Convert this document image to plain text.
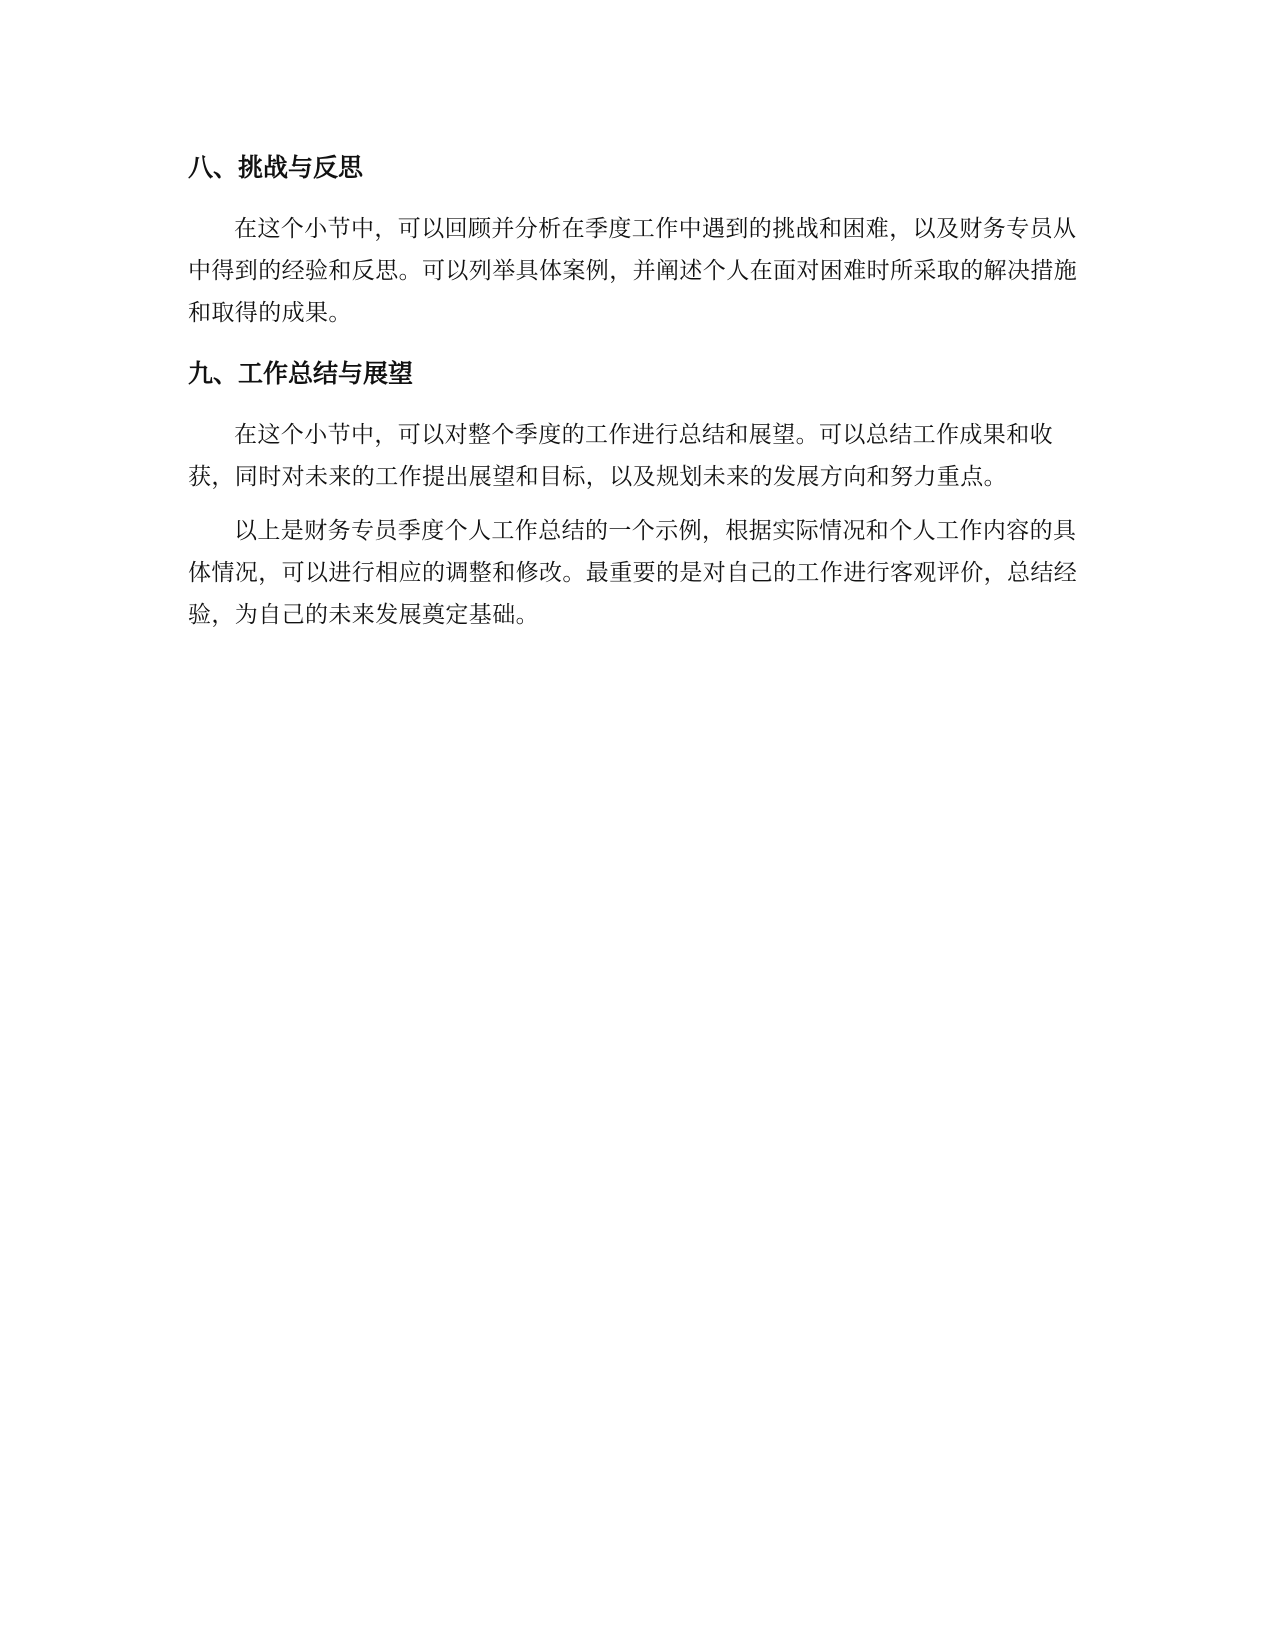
八、挑战与反思

在这个小节中，可以回顾并分析在季度工作中遇到的挑战和困难，以及财务专员从中得到的经验和反思。可以列举具体案例，并阐述个人在面对困难时所采取的解决措施和取得的成果。

九、工作总结与展望

在这个小节中，可以对整个季度的工作进行总结和展望。可以总结工作成果和收获，同时对未来的工作提出展望和目标，以及规划未来的发展方向和努力重点。

以上是财务专员季度个人工作总结的一个示例，根据实际情况和个人工作内容的具体情况，可以进行相应的调整和修改。最重要的是对自己的工作进行客观评价，总结经验，为自己的未来发展奠定基础。
